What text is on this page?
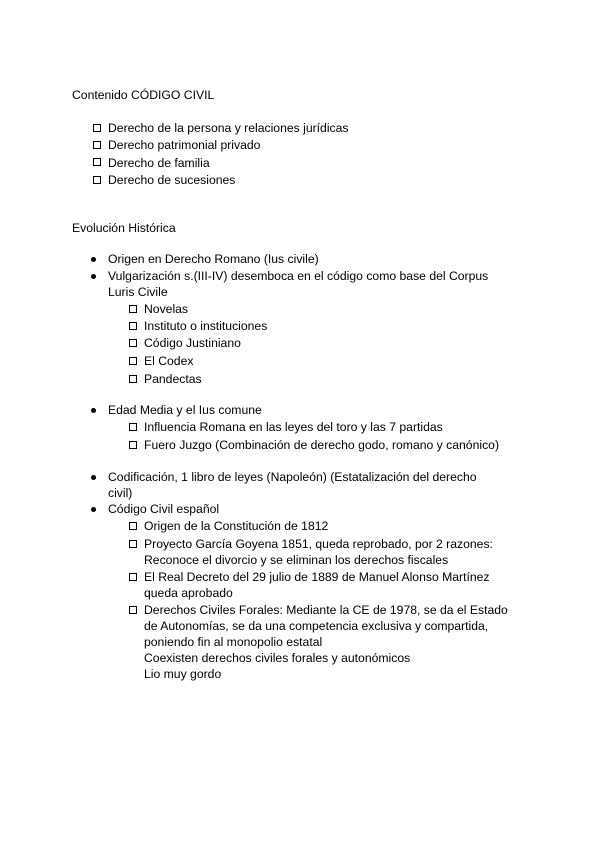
Contenido CÓDIGO CIVIL
Derecho de la persona y relaciones jurídicas
Derecho patrimonial privado
Derecho de familia
Derecho de sucesiones
Evolución Histórica
Origen en Derecho Romano (Ius civile)
Vulgarización s.(III-IV) desemboca en el código como base del Corpus
Luris Civile
Novelas
Instituto o instituciones
Código Justiniano
El Codex
Pandectas
Edad Media y el Ius comune
Influencia Romana en las leyes del toro y las 7 partidas
Fuero Juzgo (Combinación de derecho godo, romano y canónico)
Codificación, 1 libro de leyes (Napoleón) (Estatalización del derecho
civil)
Código Civil español
Origen de la Constitución de 1812
Proyecto García Goyena 1851, queda reprobado, por 2 razones:
Reconoce el divorcio y se eliminan los derechos fiscales
El Real Decreto del 29 julio de 1889 de Manuel Alonso Martínez
queda aprobado
Derechos Civiles Forales: Mediante la CE de 1978, se da el Estado
de Autonomías, se da una competencia exclusiva y compartida,
poniendo fin al monopolio estatal
Coexisten derechos civiles forales y autonómicos
Lio muy gordo
